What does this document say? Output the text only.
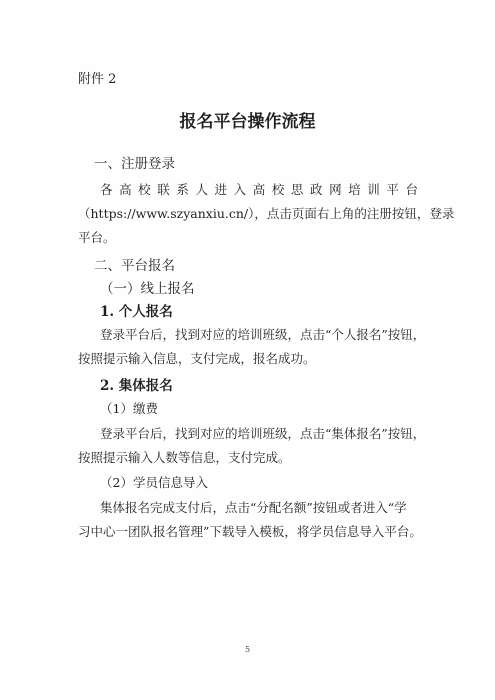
附件 2
报名平台操作流程
一、注册登录
各高校联系人进入高校思政网培训平台
（https://www.szyanxiu.cn/），点击页面右上角的注册按钮，登录
平台。
二、平台报名
（一）线上报名
1. 个人报名
登录平台后，找到对应的培训班级，点击“个人报名”按钮，
按照提示输入信息，支付完成，报名成功。
2. 集体报名
（1）缴费
登录平台后，找到对应的培训班级，点击“集体报名”按钮，
按照提示输入人数等信息，支付完成。
（2）学员信息导入
集体报名完成支付后，点击“分配名额”按钮或者进入“学
习中心一团队报名管理”下载导入模板，将学员信息导入平台。
5
